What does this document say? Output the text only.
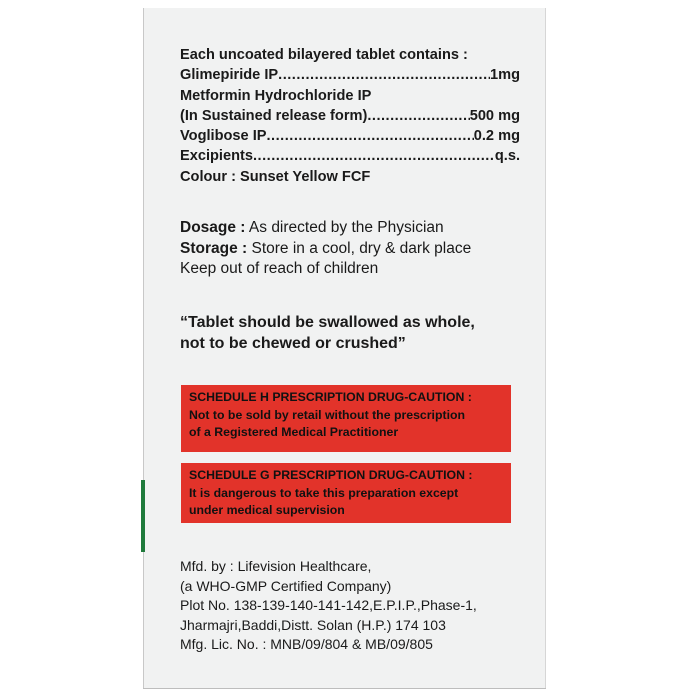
Each uncoated bilayered tablet contains :
Glimepiride IP .....	1mg
Metformin Hydrochloride IP
(In Sustained release form) .....	500 mg
Voglibose IP .....	0.2 mg
Excipients .....	q.s.
Colour : Sunset Yellow FCF
Dosage : As directed by the Physician
Storage : Store in a cool, dry & dark place
Keep out of reach of children
“Tablet should be swallowed as whole,
not to be chewed or crushed”
SCHEDULE H PRESCRIPTION DRUG-CAUTION :
Not to be sold by retail without the prescription
of a Registered Medical Practitioner
SCHEDULE G PRESCRIPTION DRUG-CAUTION :
It is dangerous to take this preparation except
under medical supervision
Mfd. by : Lifevision Healthcare,
(a WHO-GMP Certified Company)
Plot No. 138-139-140-141-142,E.P.I.P.,Phase-1,
Jharmajri,Baddi,Distt. Solan (H.P.) 174 103
Mfg. Lic. No. : MNB/09/804 & MB/09/805
